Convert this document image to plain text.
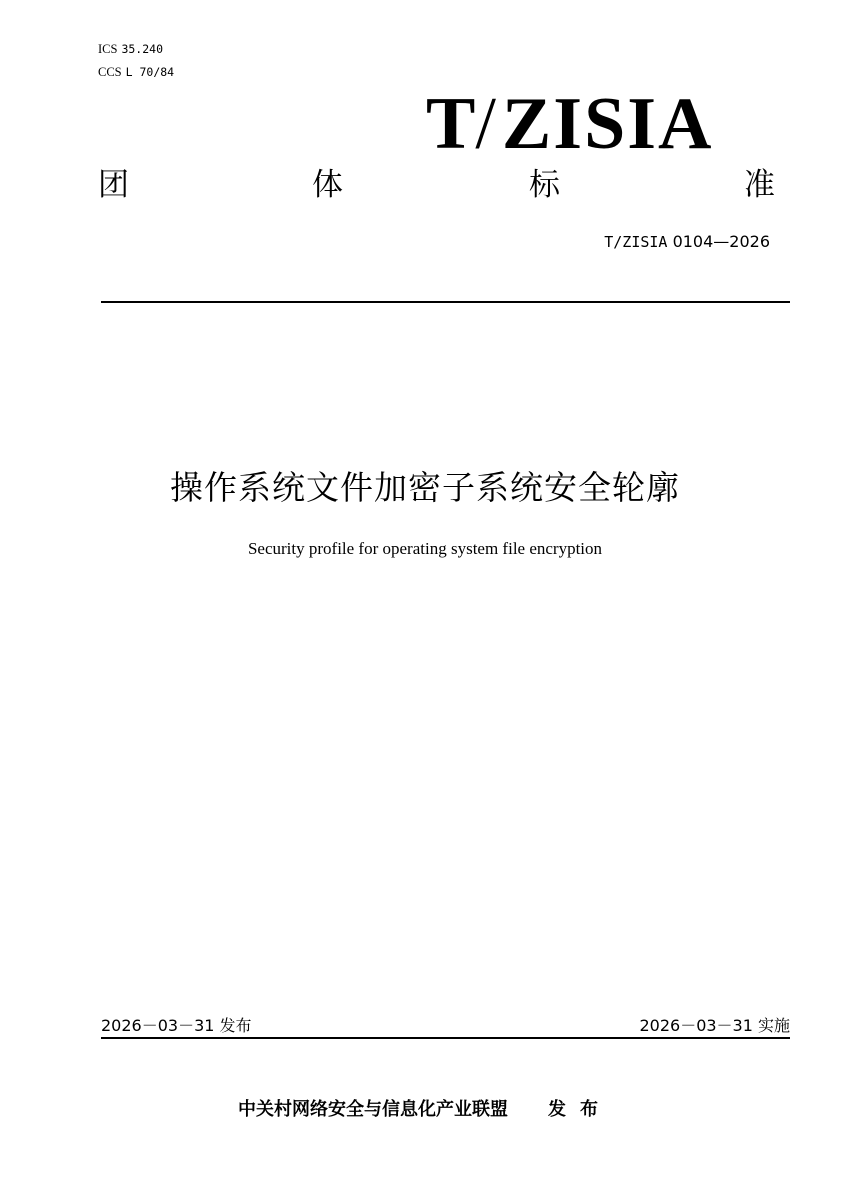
ICS 35.240
CCS L 70/84
T/ZISIA
团	体	标	准
T/ZISIA 0104—2026
操作系统文件加密子系统安全轮廓
Security profile for operating system file encryption
2026－03－31 发布	2026－03－31 实施
中关村网络安全与信息化产业联盟 发布
